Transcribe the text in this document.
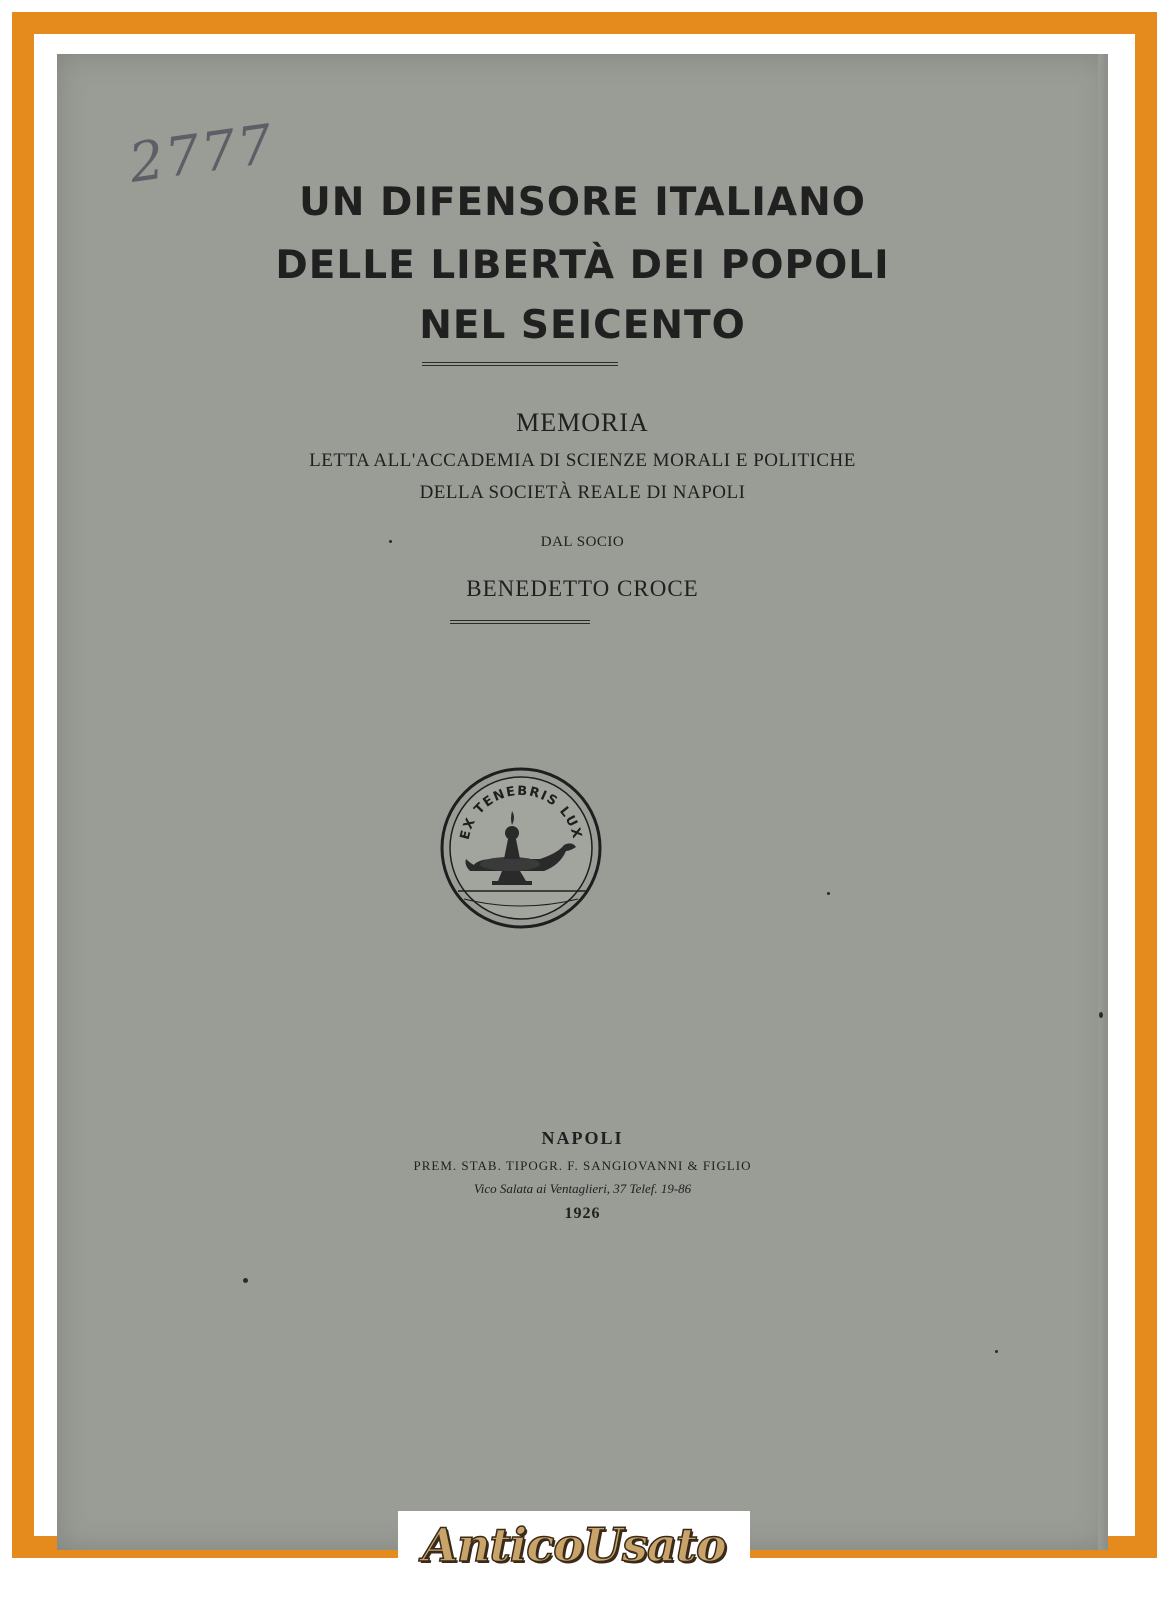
2777
UN DIFENSORE ITALIANO
DELLE LIBERTÀ DEI POPOLI
NEL SEICENTO
MEMORIA
LETTA ALL'ACCADEMIA DI SCIENZE MORALI E POLITICHE
DELLA SOCIETÀ REALE DI NAPOLI
DAL SOCIO
BENEDETTO CROCE
EX TENEBRIS LUX
NAPOLI
PREM. STAB. TIPOGR. F. SANGIOVANNI & FIGLIO
Vico Salata ai Ventaglieri, 37 Telef. 19-86
1926
AnticoUsato
